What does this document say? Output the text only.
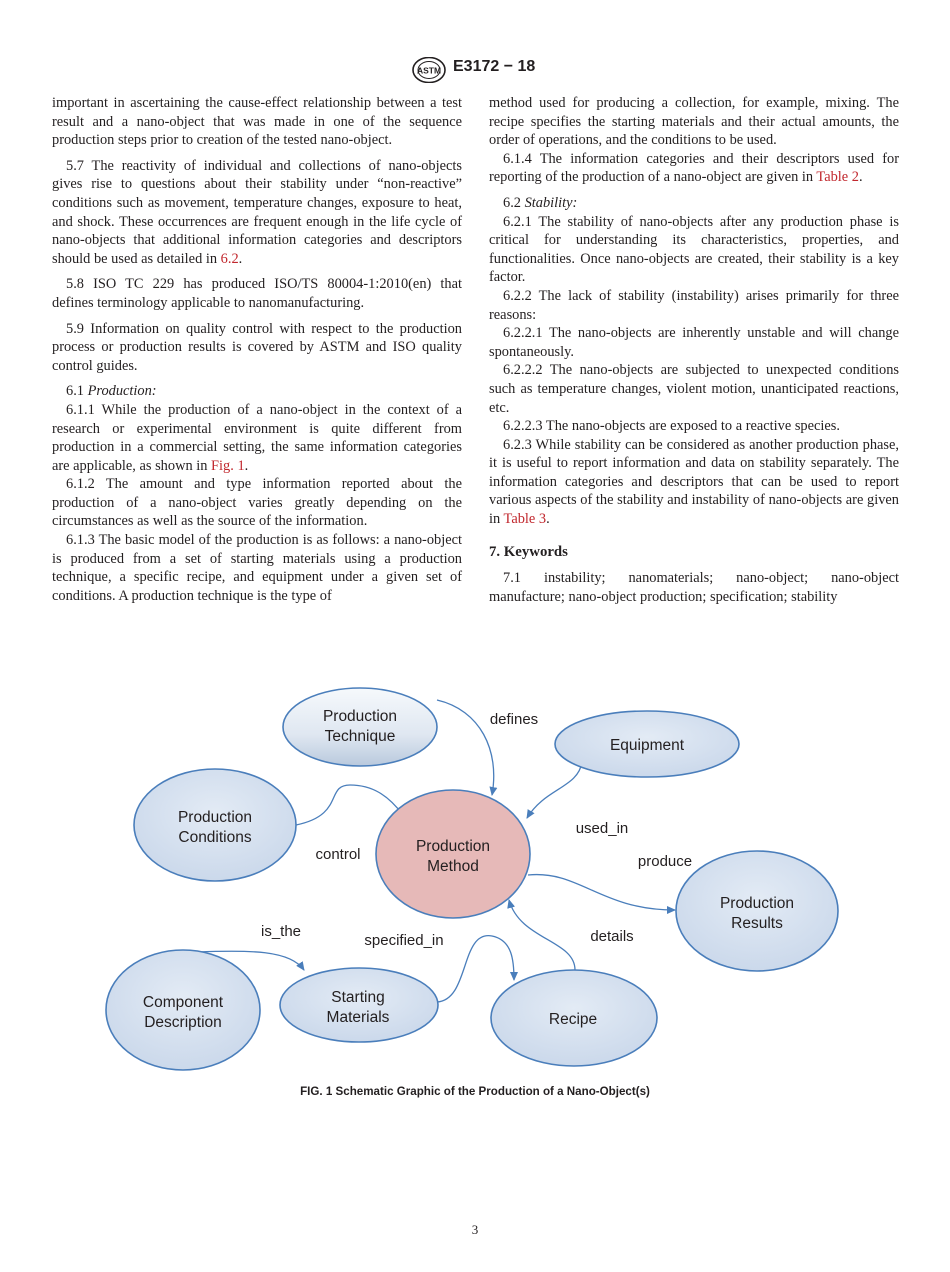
ASTM E3172 − 18

important in ascertaining the cause-effect relationship between a test result and a nano-object that was made in one of the sequence production steps prior to creation of the tested nano-object.

5.7 The reactivity of individual and collections of nano-objects gives rise to questions about their stability under “non-reactive” conditions such as movement, temperature changes, exposure to heat, and shock. These occurrences are frequent enough in the life cycle of nano-objects that additional information categories and descriptors should be used as detailed in 6.2.

5.8 ISO TC 229 has produced ISO/TS 80004-1:2010(en) that defines terminology applicable to nanomanufacturing.

5.9 Information on quality control with respect to the production process or production results is covered by ASTM and ISO quality control guides.

6.1 Production:

6.1.1 While the production of a nano-object in the context of a research or experimental environment is quite different from production in a commercial setting, the same information categories are applicable, as shown in Fig. 1.

6.1.2 The amount and type information reported about the production of a nano-object varies greatly depending on the circumstances as well as the source of the information.

6.1.3 The basic model of the production is as follows: a nano-object is produced from a set of starting materials using a production technique, a specific recipe, and equipment under a given set of conditions. A production technique is the type of

method used for producing a collection, for example, mixing. The recipe specifies the starting materials and their actual amounts, the order of operations, and the conditions to be used.

6.1.4 The information categories and their descriptors used for reporting of the production of a nano-object are given in Table 2.

6.2 Stability:

6.2.1 The stability of nano-objects after any production phase is critical for understanding its characteristics, properties, and functionalities. Once nano-objects are created, their stability is a key factor.

6.2.2 The lack of stability (instability) arises primarily for three reasons:

6.2.2.1 The nano-objects are inherently unstable and will change spontaneously.

6.2.2.2 The nano-objects are subjected to unexpected conditions such as temperature changes, violent motion, unanticipated reactions, etc.

6.2.2.3 The nano-objects are exposed to a reactive species.

6.2.3 While stability can be considered as another production phase, it is useful to report information and data on stability separately. The information categories and descriptors that can be used to report various aspects of the stability and instability of nano-objects are given in Table 3.

7. Keywords

7.1 instability; nanomaterials; nano-object; nano-object manufacture; nano-object production; specification; stability

Production
Technique
Equipment
Production
Conditions
Production
Method
Production
Results
Component
Description
Starting
Materials	Recipe
defines
used_in
control	produce
is_the
specified_in	details
FIG. 1 Schematic Graphic of the Production of a Nano-Object(s)
3
